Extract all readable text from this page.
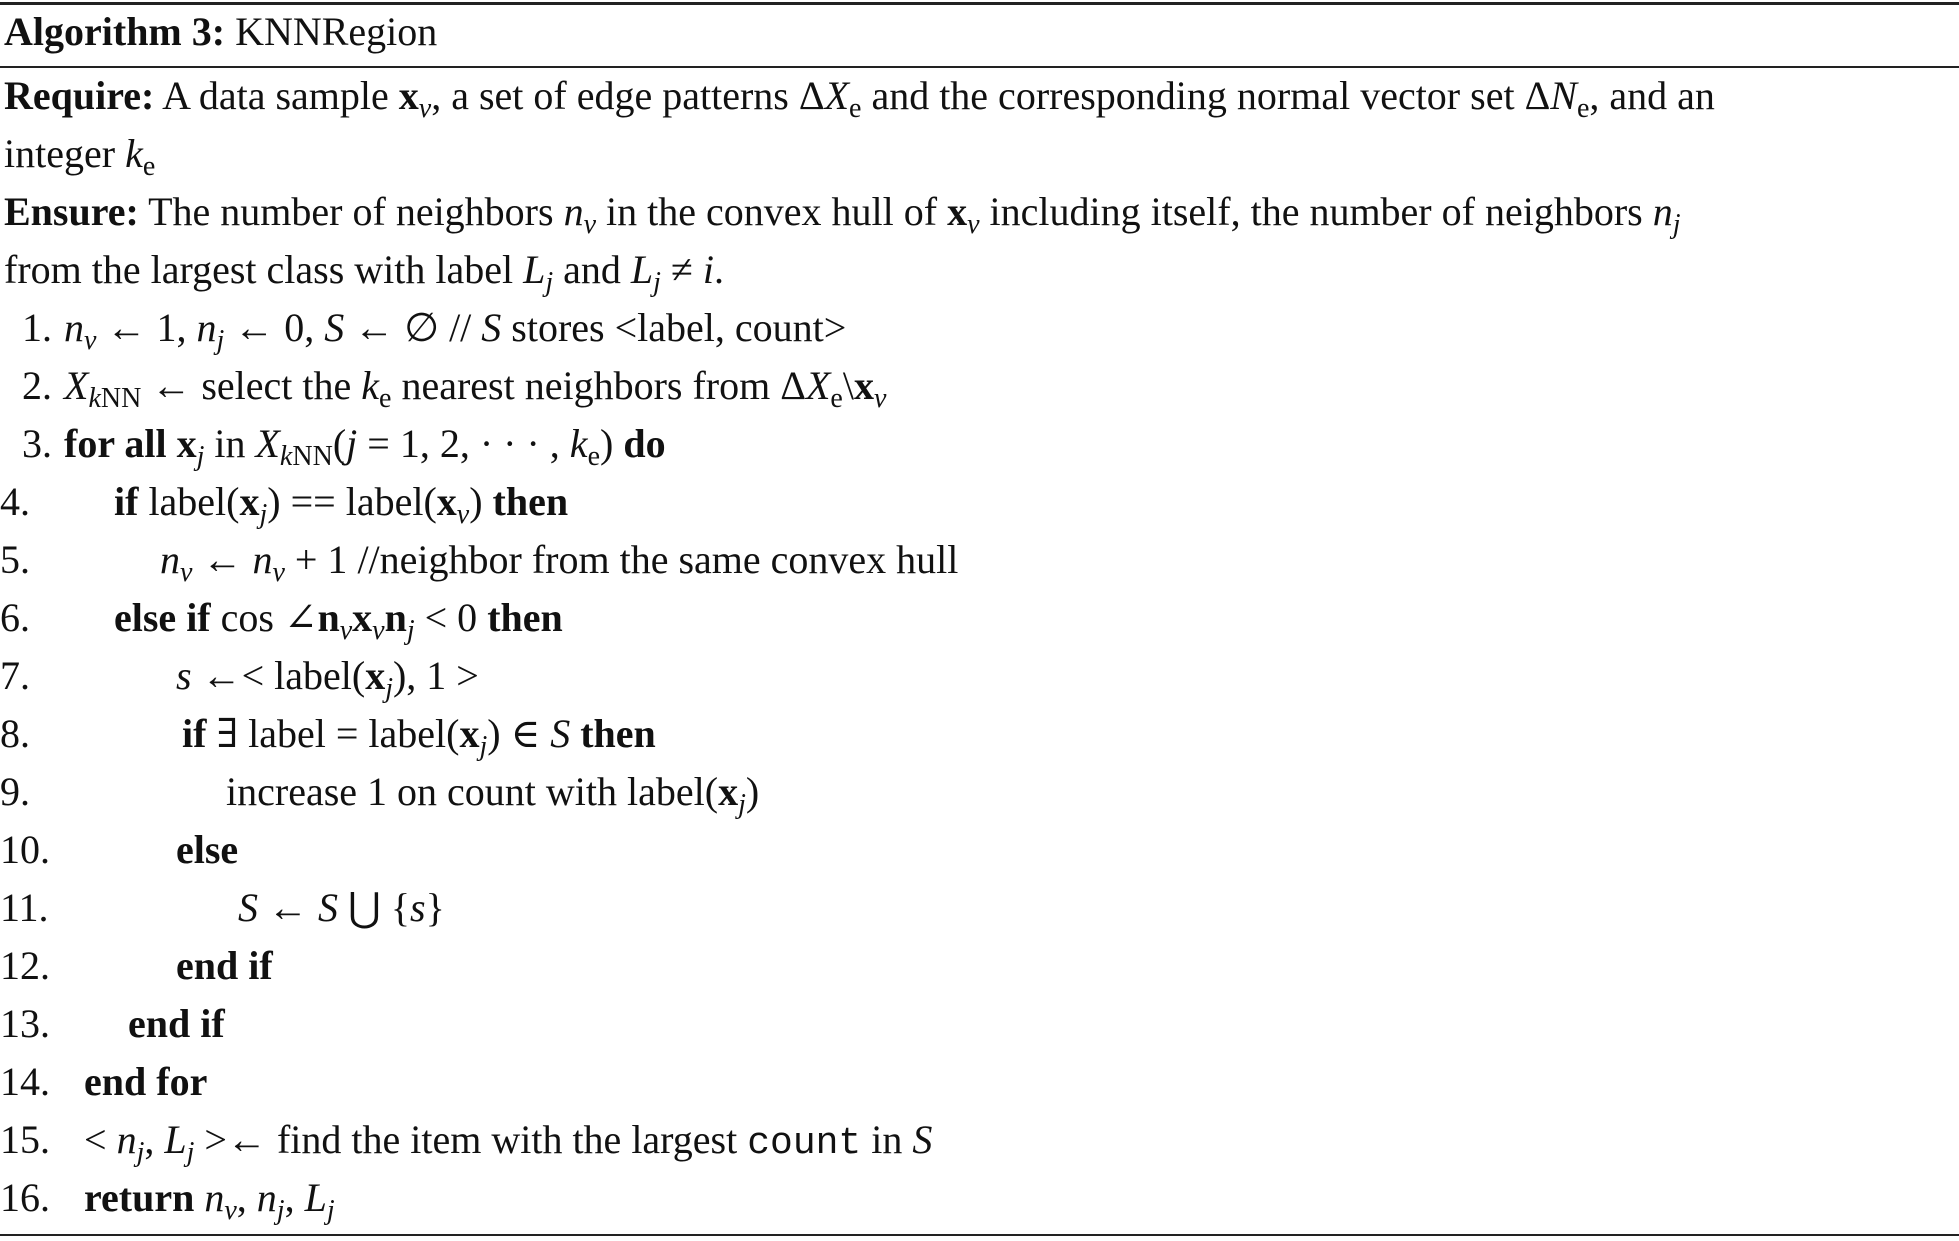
Algorithm 3: KNNRegion
Require: A data sample $x_v$, a set of edge patterns $\Delta X_e$ and the corresponding normal vector set $\Delta N_e$, and an
integer $k_e$
Ensure: The number of neighbors $n_v$ in the convex hull of $x_v$ including itself, the number of neighbors $n_j$
from the largest class with label $L_j$ and $L_j \ne i$.
1. $n_v$ ← 1, $n_j$ ← 0, S ← ∅ // S stores <label, count>
2. $X_{kNN}$ ← select the $k_e$ nearest neighbors from $\Delta X_e\backslash x_v$
3. for all $x_j$ in $X_{kNN}(j = 1$, 2, · · · , $k_e$) do
4.	if $label(x_j)$ == $label(x_v)$ then
5.	$n_v$ ← $n_v + 1$ //neighbor from the same convex hull
6.	else if $\cos \angle n_vx_vn_j < 0$ then
7.	s ←< $label(x_j)$, 1 >
8.	if ∃ label = $label(x_j)$ ∈ S then
9.	increase 1 on count with $label(x_j)$
10.	else
11.	S ← S ⋃ {s}
12.	end if
13. end if
14. end for
15. < $n_j$, $L_j$ >← find the item with the largest count in S
16. return $n_v$, $n_j$, $L_j$
